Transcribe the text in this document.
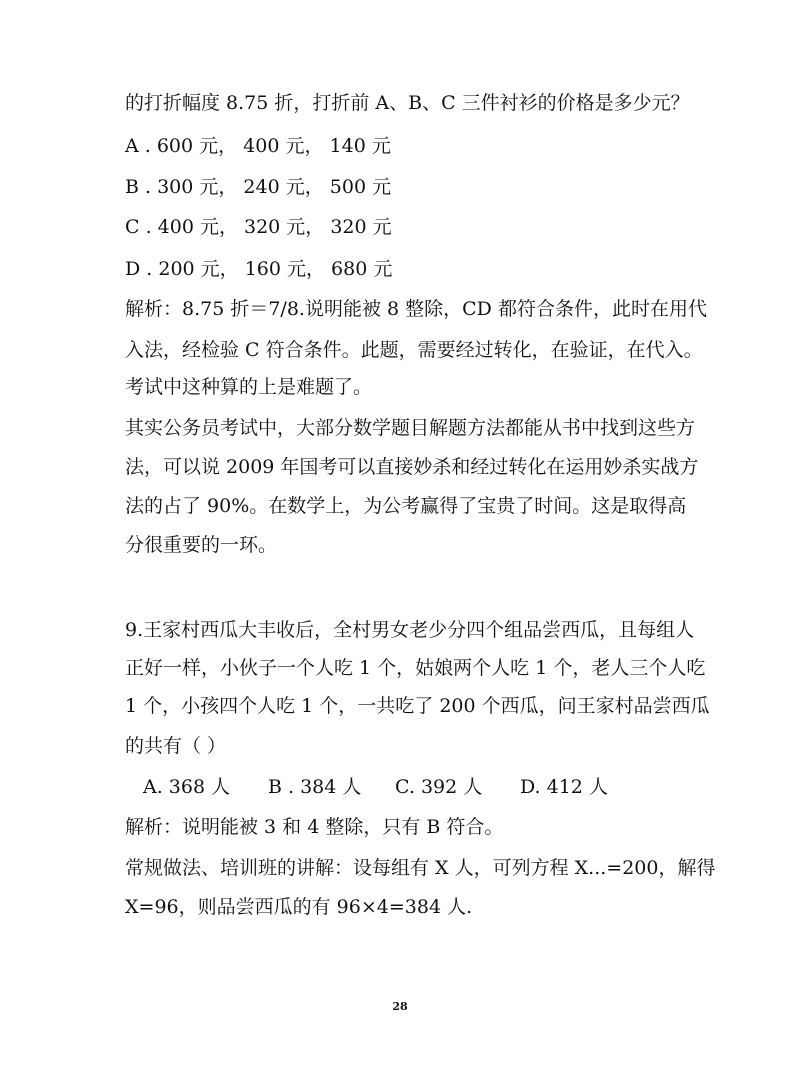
的打折幅度 8.75 折，打折前 A、B、C 三件衬衫的价格是多少元？

A . 600 元， 400 元， 140 元

B . 300 元， 240 元， 500 元

C . 400 元， 320 元， 320 元

D . 200 元， 160 元， 680 元

解析：8.75 折＝7/8.说明能被 8 整除，CD 都符合条件，此时在用代

入法，经检验 C 符合条件。此题，需要经过转化，在验证，在代入。

考试中这种算的上是难题了。

其实公务员考试中，大部分数学题目解题方法都能从书中找到这些方

法，可以说 2009 年国考可以直接妙杀和经过转化在运用妙杀实战方

法的占了 90%。在数学上，为公考赢得了宝贵了时间。这是取得高

分很重要的一环。

9.王家村西瓜大丰收后，全村男女老少分四个组品尝西瓜，且每组人

正好一样，小伙子一个人吃 1 个，姑娘两个人吃 1 个，老人三个人吃

1 个，小孩四个人吃 1 个，一共吃了 200 个西瓜，问王家村品尝西瓜

的共有（ ）

A. 368 人 B . 384 人 C. 392 人 D. 412 人

解析：说明能被 3 和 4 整除，只有 B 符合。

常规做法、培训班的讲解：设每组有 X 人，可列方程 X...=200，解得

X=96，则品尝西瓜的有 96×4=384 人.

28
